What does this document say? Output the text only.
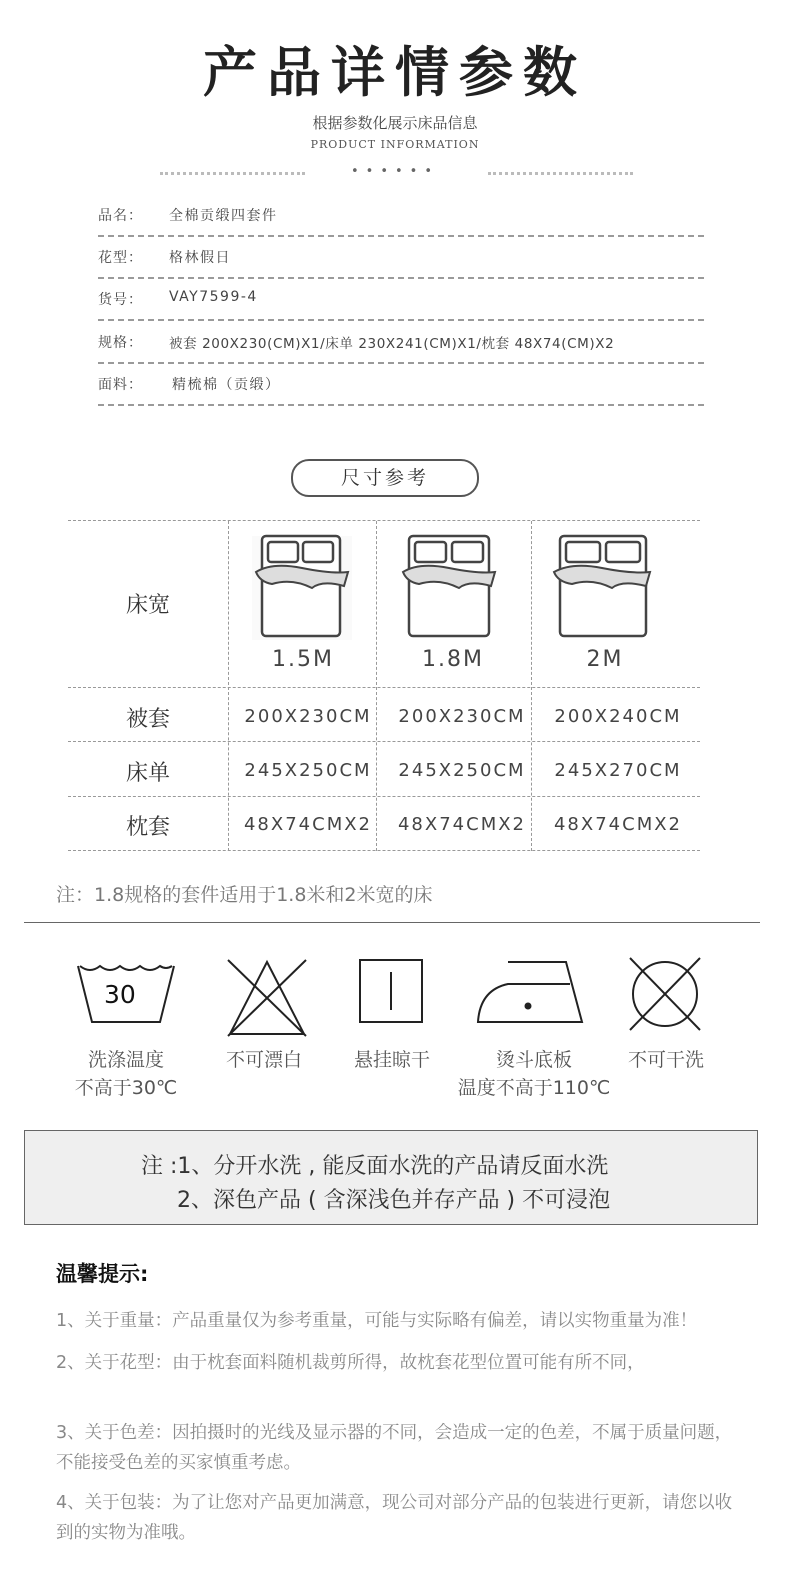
产品详情参数
根据参数化展示床品信息
PRODUCT INFORMATION
••••••
品名： 全棉贡缎四套件
花型： 格林假日
货号： VAY7599-4
规格： 被套 200X230(CM)X1/床单 230X241(CM)X1/枕套 48X74(CM)X2
面料： 精梳棉（贡缎）
尺寸参考
床宽
1.5M	1.8M	2M
被套	200X230CM	200X230CM	200X240CM
床单	245X250CM	245X250CM	245X270CM
枕套	48X74CMX2	48X74CMX2	48X74CMX2
注：1.8规格的套件适用于1.8米和2米宽的床
30
洗涤温度
不高于30℃
不可漂白	悬挂晾干	烫斗底板
温度不高于110℃
不可干洗
注 :1、分开水洗 , 能反面水洗的产品请反面水洗
2、深色产品 ( 含深浅色并存产品 ) 不可浸泡
温馨提示:
1、关于重量：产品重量仅为参考重量，可能与实际略有偏差，请以实物重量为准！
2、关于花型：由于枕套面料随机裁剪所得，故枕套花型位置可能有所不同，
3、关于色差：因拍摄时的光线及显示器的不同，会造成一定的色差，不属于质量问题，不能接受色差的买家慎重考虑。
4、关于包装：为了让您对产品更加满意，现公司对部分产品的包装进行更新，请您以收到的实物为准哦。
